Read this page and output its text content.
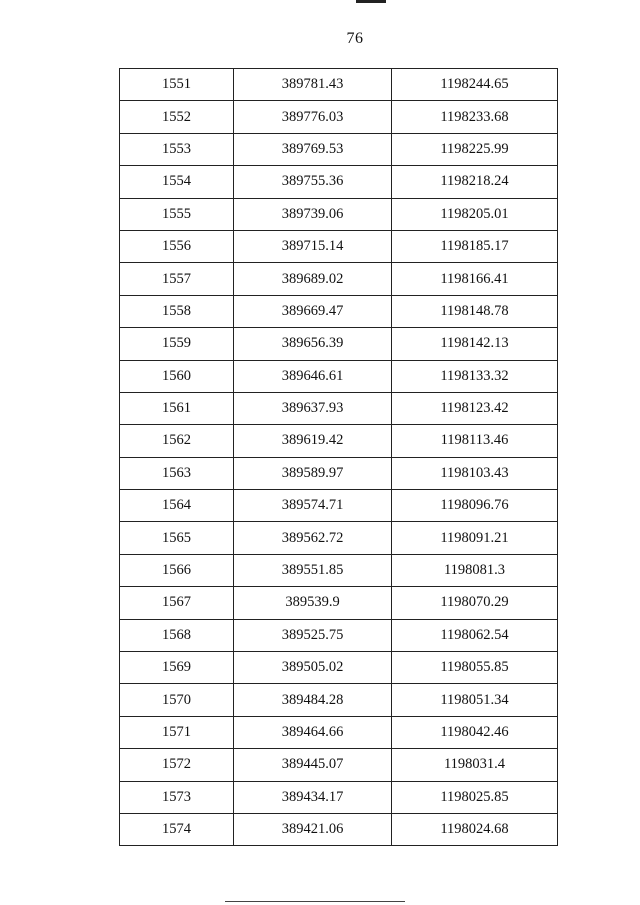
76
1551	389781.43	1198244.65
1552	389776.03	1198233.68
1553	389769.53	1198225.99
1554	389755.36	1198218.24
1555	389739.06	1198205.01
1556	389715.14	1198185.17
1557	389689.02	1198166.41
1558	389669.47	1198148.78
1559	389656.39	1198142.13
1560	389646.61	1198133.32
1561	389637.93	1198123.42
1562	389619.42	1198113.46
1563	389589.97	1198103.43
1564	389574.71	1198096.76
1565	389562.72	1198091.21
1566	389551.85	1198081.3
1567	389539.9	1198070.29
1568	389525.75	1198062.54
1569	389505.02	1198055.85
1570	389484.28	1198051.34
1571	389464.66	1198042.46
1572	389445.07	1198031.4
1573	389434.17	1198025.85
1574	389421.06	1198024.68
